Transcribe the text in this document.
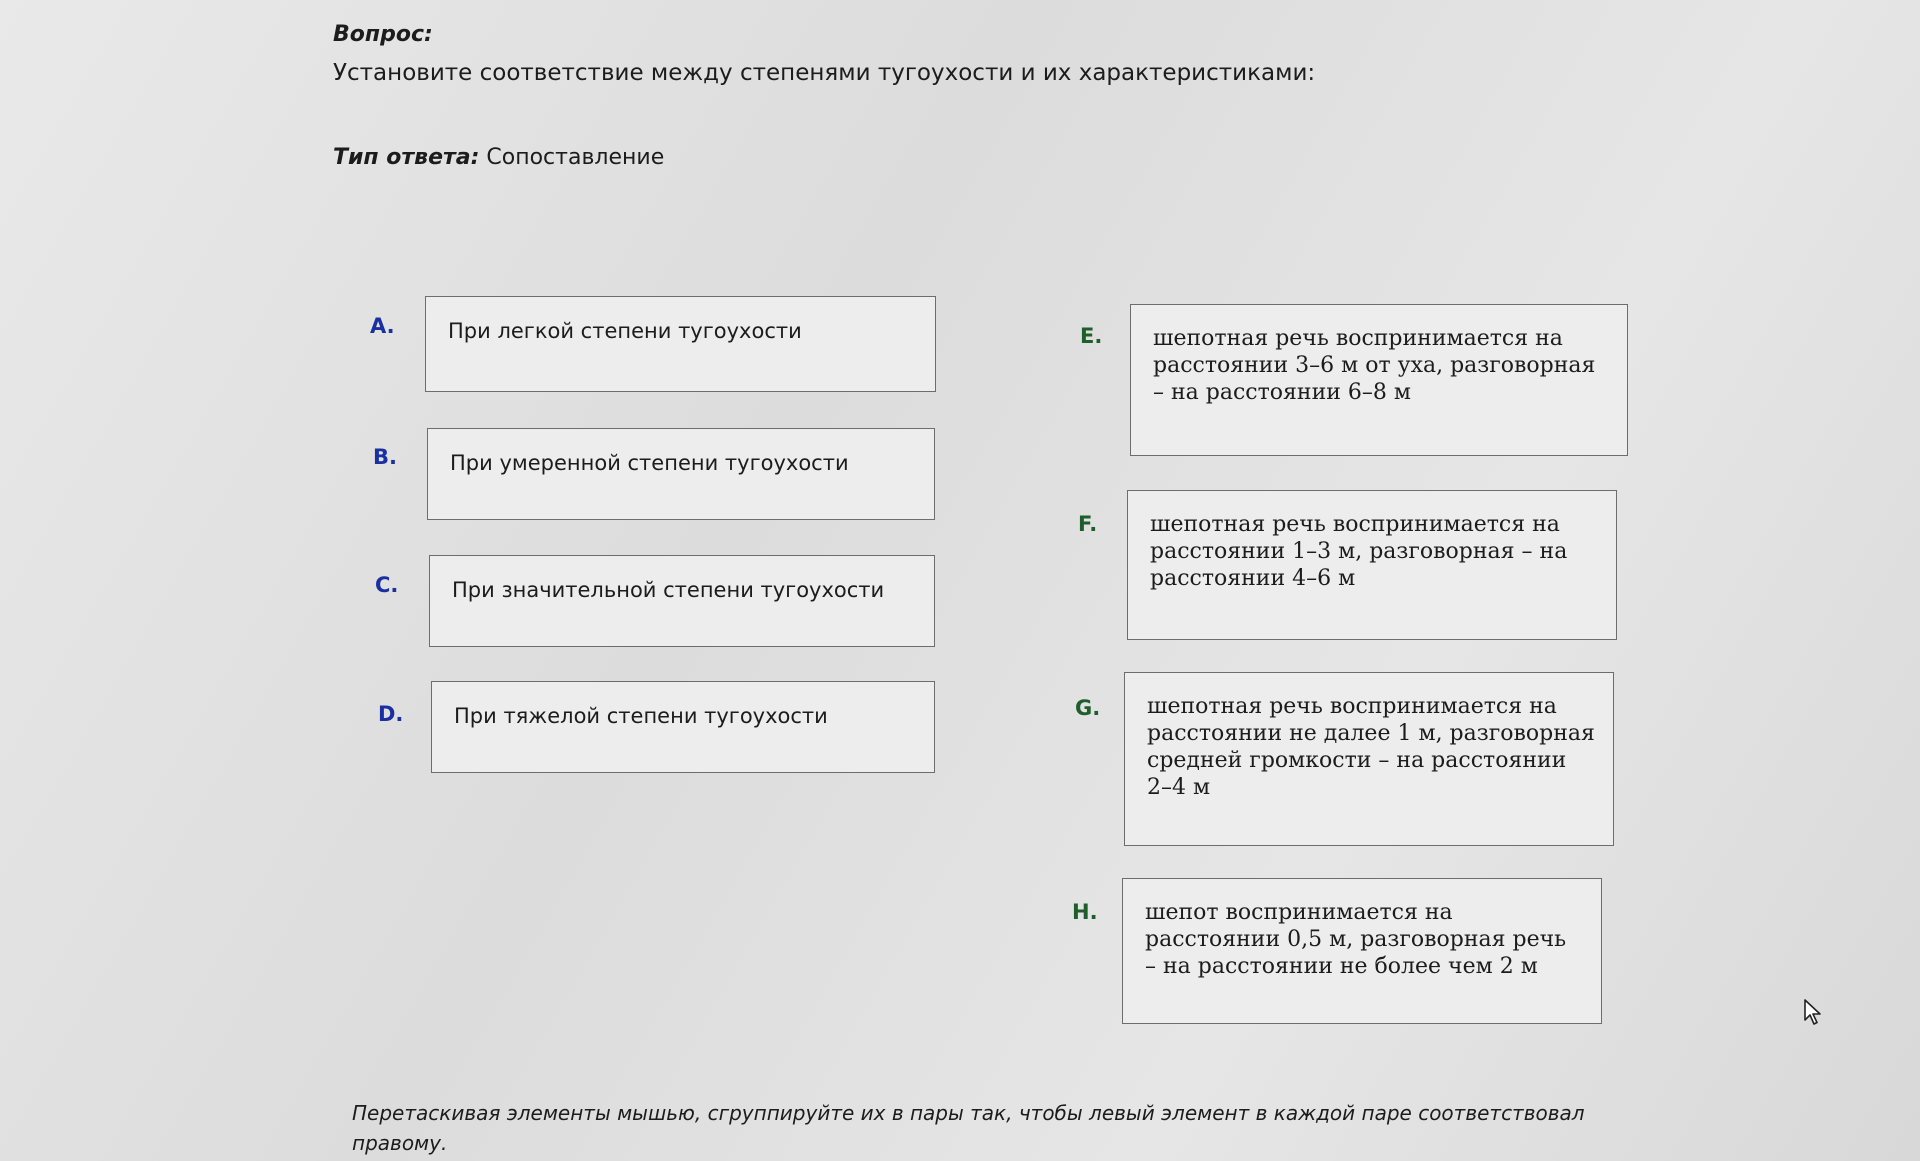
Вопрос:
Установите соответствие между степенями тугоухости и их характеристиками:
Тип ответа: Сопоставление
A.	При легкой степени тугоухости
B.	При умеренной степени тугоухости
C.	При значительной степени тугоухости
D. При тяжелой степени тугоухости
E. шепотная речь воспринимается на расстоянии 3–6 м от уха, разговорная – на расстоянии 6–8 м
F. шепотная речь воспринимается на расстоянии 1–3 м, разговорная – на расстоянии 4–6 м
G. шепотная речь воспринимается на расстоянии не далее 1 м, разговорная средней громкости – на расстоянии 2–4 м
H. шепот воспринимается на расстоянии 0,5 м, разговорная речь – на расстоянии не более чем 2 м
Перетаскивая элементы мышью, сгруппируйте их в пары так, чтобы левый элемент в каждой паре соответствовал правому.
